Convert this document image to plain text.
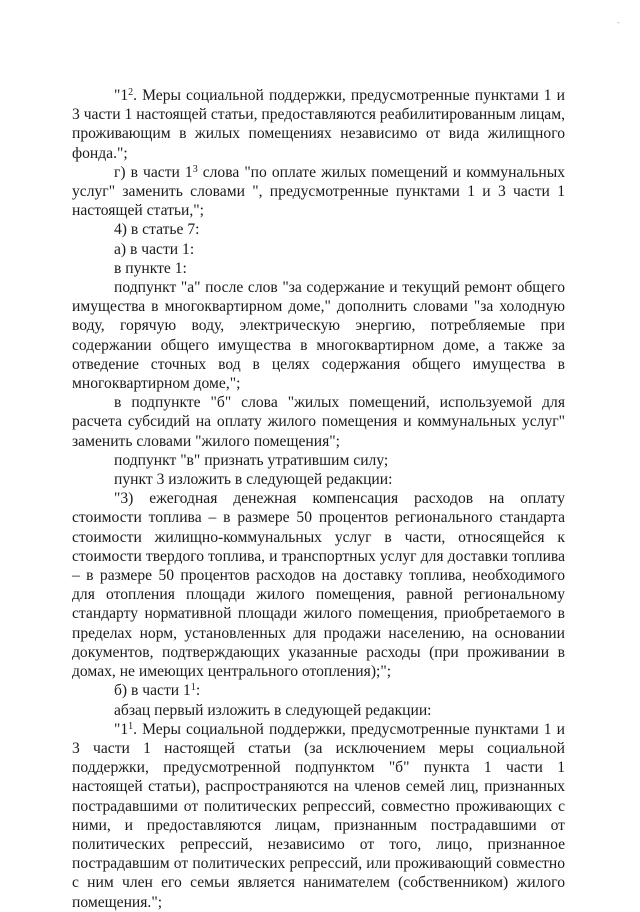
-

"$1^2$. Меры социальной поддержки, предусмотренные пунктами 1 и 3 части 1 настоящей статьи, предоставляются реабилитированным лицам, проживающим в жилых помещениях независимо от вида жилищного фонда.";

г) в части $1^3$ слова "по оплате жилых помещений и коммунальных услуг" заменить словами ", предусмотренные пунктами 1 и 3 части 1 настоящей статьи,";

4) в статье 7:

а) в части 1:

в пункте 1:

подпункт "а" после слов "за содержание и текущий ремонт общего имущества в многоквартирном доме," дополнить словами "за холодную воду, горячую воду, электрическую энергию, потребляемые при содержании общего имущества в многоквартирном доме, а также за отведение сточных вод в целях содержания общего имущества в многоквартирном доме,";

в подпункте "б" слова "жилых помещений, используемой для расчета субсидий на оплату жилого помещения и коммунальных услуг" заменить словами "жилого помещения";

подпункт "в" признать утратившим силу;

пункт 3 изложить в следующей редакции:

"3) ежегодная денежная компенсация расходов на оплату стоимости топлива – в размере 50 процентов регионального стандарта стоимости жилищно-коммунальных услуг в части, относящейся к стоимости твердого топлива, и транспортных услуг для доставки топлива – в размере 50 процентов расходов на доставку топлива, необходимого для отопления площади жилого помещения, равной региональному стандарту нормативной площади жилого помещения, приобретаемого в пределах норм, установленных для продажи населению, на основании документов, подтверждающих указанные расходы (при проживании в домах, не имеющих центрального отопления);";

б) в части $1^1$:

абзац первый изложить в следующей редакции:

"$1^1$. Меры социальной поддержки, предусмотренные пунктами 1 и 3 части 1 настоящей статьи (за исключением меры социальной поддержки, предусмотренной подпунктом "б" пункта 1 части 1 настоящей статьи), распространяются на членов семей лиц, признанных пострадавшими от политических репрессий, совместно проживающих с ними, и предоставляются лицам, признанным пострадавшими от политических репрессий, независимо от того, лицо, признанное пострадавшим от политических репрессий, или проживающий совместно с ним член его семьи является нанимателем (собственником) жилого помещения.";
